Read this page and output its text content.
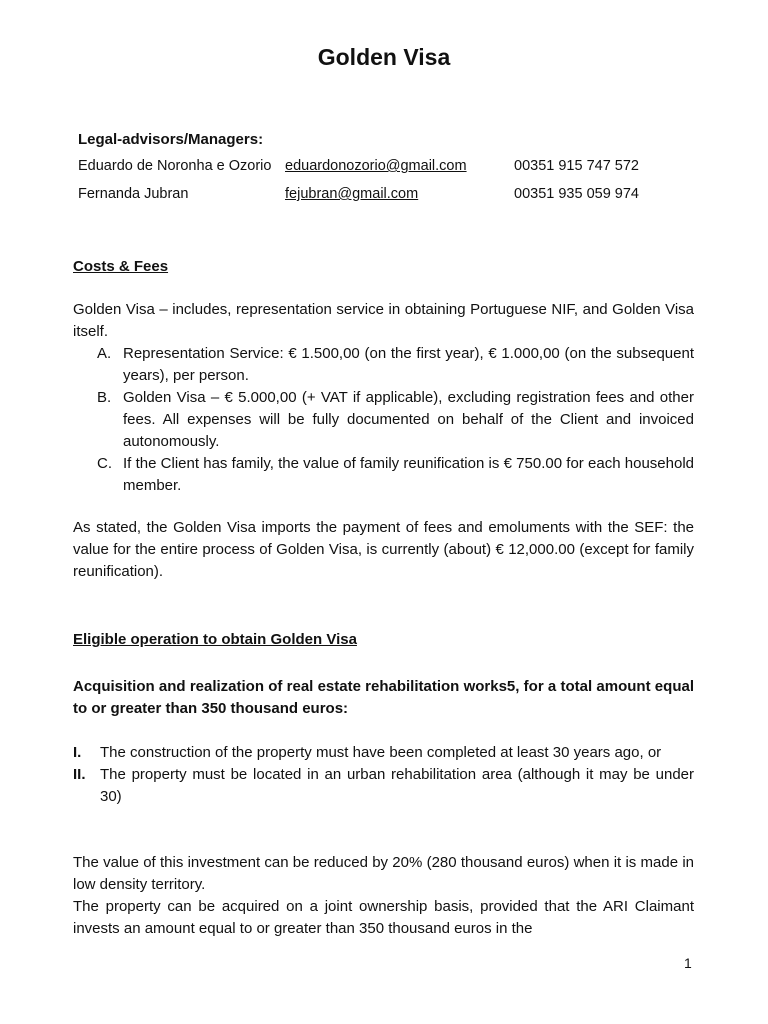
Golden Visa
Legal-advisors/Managers:
Eduardo de Noronha e Ozorio eduardonozorio@gmail.com	00351 915 747 572
Fernanda Jubran	fejubran@gmail.com	00351 935 059 974
Costs & Fees

Golden Visa – includes, representation service in obtaining Portuguese NIF, and Golden Visa itself.

A. Representation Service: € 1.500,00 (on the first year), € 1.000,00 (on the subsequent years), per person.
B. Golden Visa – € 5.000,00 (+ VAT if applicable), excluding registration fees and other fees. All expenses will be fully documented on behalf of the Client and invoiced autonomously.
C. If the Client has family, the value of family reunification is € 750.00 for each household member.

As stated, the Golden Visa imports the payment of fees and emoluments with the SEF: the value for the entire process of Golden Visa, is currently (about) € 12,000.00 (except for family reunification).

Eligible operation to obtain Golden Visa

Acquisition and realization of real estate rehabilitation works5, for a total amount equal to or greater than 350 thousand euros:

I. The construction of the property must have been completed at least 30 years ago, or
II. The property must be located in an urban rehabilitation area (although it may be under 30)

The value of this investment can be reduced by 20% (280 thousand euros) when it is made in low density territory.

The property can be acquired on a joint ownership basis, provided that the ARI Claimant invests an amount equal to or greater than 350 thousand euros in the

1
